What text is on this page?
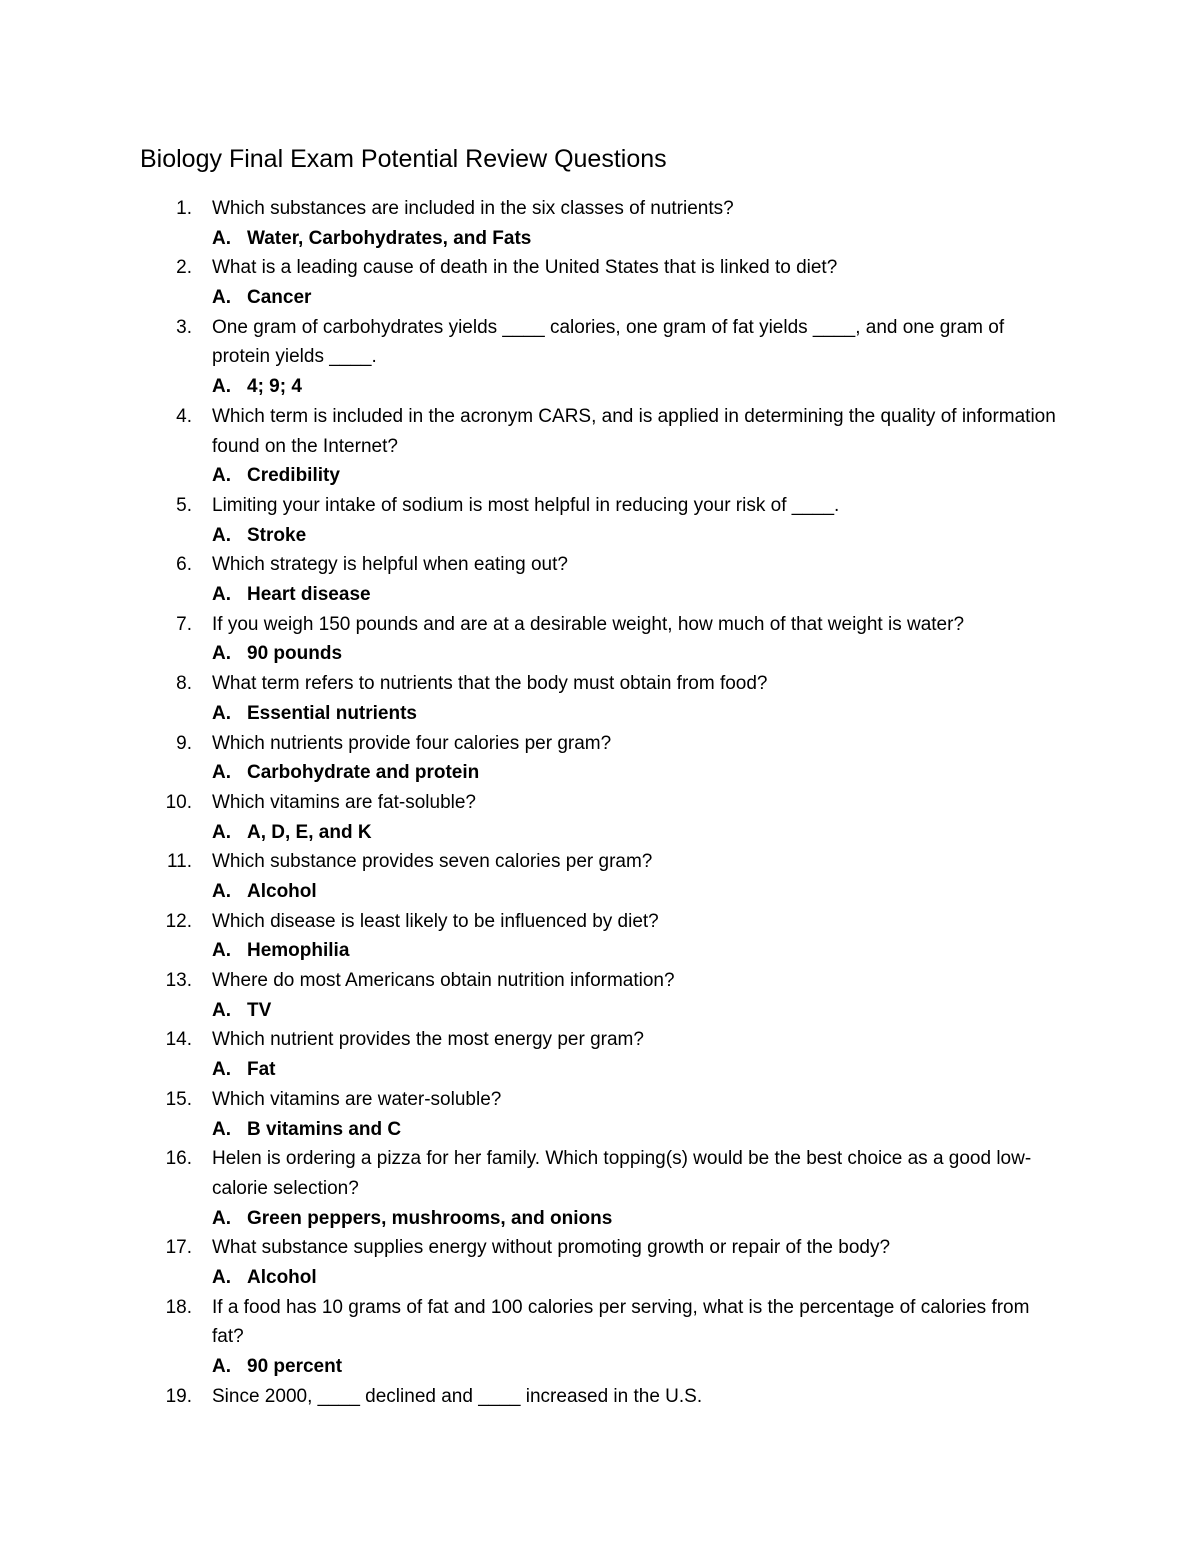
Biology Final Exam Potential Review Questions
1. Which substances are included in the six classes of nutrients?
A. Water, Carbohydrates, and Fats
2. What is a leading cause of death in the United States that is linked to diet?
A. Cancer
3. One gram of carbohydrates yields ____ calories, one gram of fat yields ____, and one gram of protein yields ____.
A. 4; 9; 4
4. Which term is included in the acronym CARS, and is applied in determining the quality of information found on the Internet?
A. Credibility
5. Limiting your intake of sodium is most helpful in reducing your risk of ____.
A. Stroke
6. Which strategy is helpful when eating out?
A. Heart disease
7. If you weigh 150 pounds and are at a desirable weight, how much of that weight is water?
A. 90 pounds
8. What term refers to nutrients that the body must obtain from food?
A. Essential nutrients
9. Which nutrients provide four calories per gram?
A. Carbohydrate and protein
10. Which vitamins are fat-soluble?
A. A, D, E, and K
11. Which substance provides seven calories per gram?
A. Alcohol
12. Which disease is least likely to be influenced by diet?
A. Hemophilia
13. Where do most Americans obtain nutrition information?
A. TV
14. Which nutrient provides the most energy per gram?
A. Fat
15. Which vitamins are water-soluble?
A. B vitamins and C
16. Helen is ordering a pizza for her family. Which topping(s) would be the best choice as a good low-calorie selection?
A. Green peppers, mushrooms, and onions
17. What substance supplies energy without promoting growth or repair of the body?
A. Alcohol
18. If a food has 10 grams of fat and 100 calories per serving, what is the percentage of calories from fat?
A. 90 percent
19. Since 2000, ____ declined and ____ increased in the U.S.
